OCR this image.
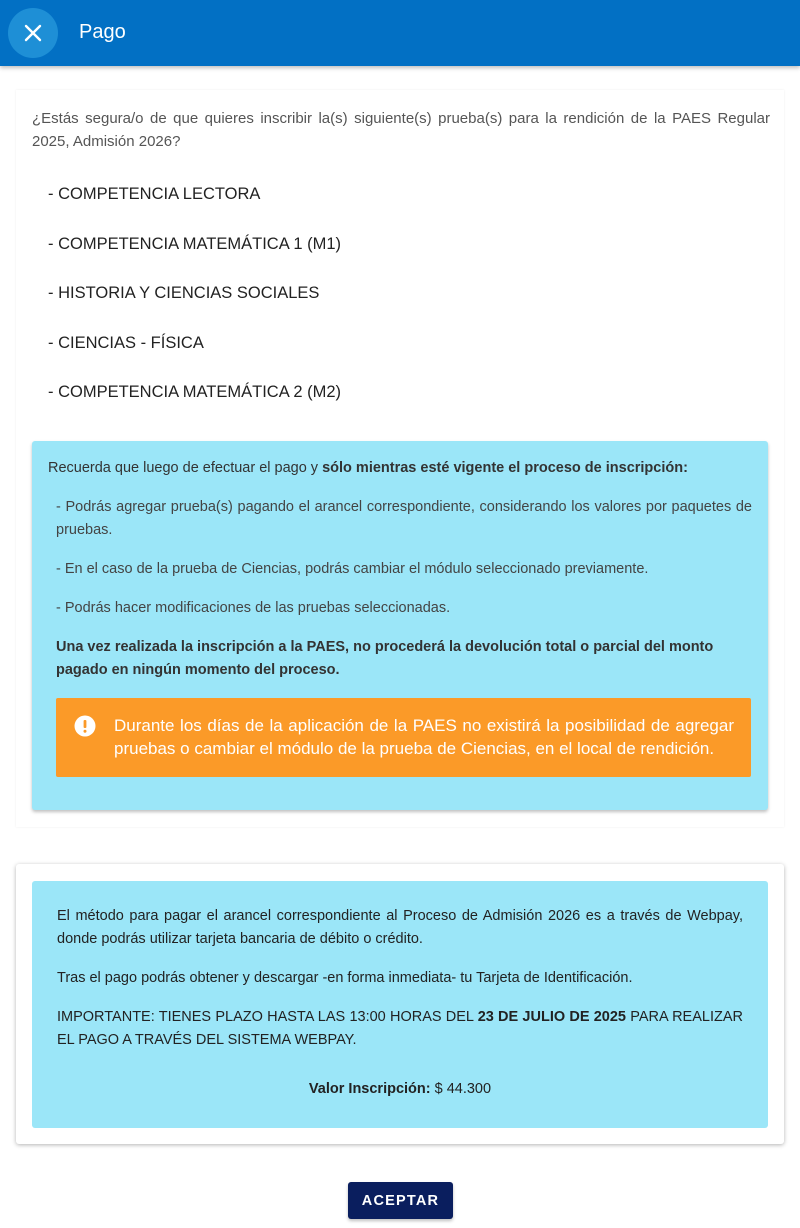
Pago
¿Estás segura/o de que quieres inscribir la(s) siguiente(s) prueba(s) para la rendición de la PAES Regular 2025, Admisión 2026?
- COMPETENCIA LECTORA
- COMPETENCIA MATEMÁTICA 1 (M1)
- HISTORIA Y CIENCIAS SOCIALES
- CIENCIAS - FÍSICA
- COMPETENCIA MATEMÁTICA 2 (M2)
Recuerda que luego de efectuar el pago y sólo mientras esté vigente el proceso de inscripción:
- Podrás agregar prueba(s) pagando el arancel correspondiente, considerando los valores por paquetes de pruebas.
- En el caso de la prueba de Ciencias, podrás cambiar el módulo seleccionado previamente.
- Podrás hacer modificaciones de las pruebas seleccionadas.
Una vez realizada la inscripción a la PAES, no procederá la devolución total o parcial del monto pagado en ningún momento del proceso.
Durante los días de la aplicación de la PAES no existirá la posibilidad de agregar pruebas o cambiar el módulo de la prueba de Ciencias, en el local de rendición.
El método para pagar el arancel correspondiente al Proceso de Admisión 2026 es a través de Webpay, donde podrás utilizar tarjeta bancaria de débito o crédito.
Tras el pago podrás obtener y descargar -en forma inmediata- tu Tarjeta de Identificación.
IMPORTANTE: TIENES PLAZO HASTA LAS 13:00 HORAS DEL 23 DE JULIO DE 2025 PARA REALIZAR EL PAGO A TRAVÉS DEL SISTEMA WEBPAY.
Valor Inscripción: $ 44.300
ACEPTAR
